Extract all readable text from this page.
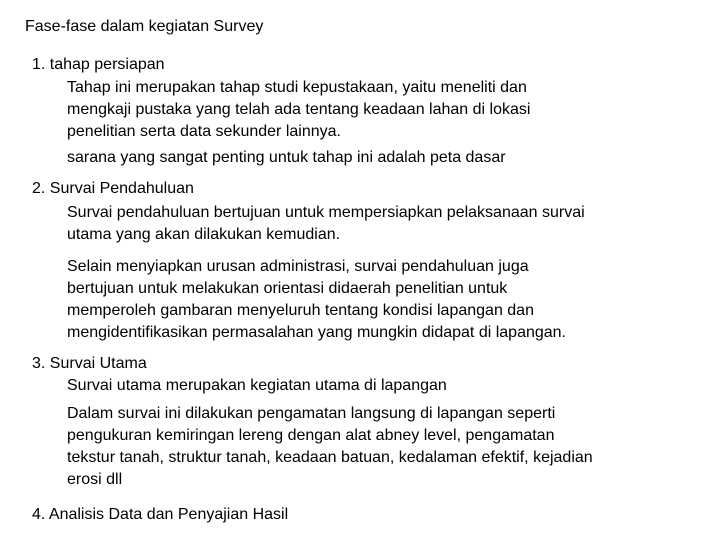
Fase-fase dalam kegiatan Survey
1. tahap persiapan
Tahap ini merupakan tahap studi kepustakaan, yaitu meneliti dan
mengkaji pustaka yang telah ada tentang keadaan lahan di lokasi
penelitian serta data sekunder lainnya.
sarana yang sangat penting untuk tahap ini adalah peta dasar
2. Survai Pendahuluan
Survai pendahuluan bertujuan untuk mempersiapkan pelaksanaan survai
utama yang akan dilakukan kemudian.
Selain menyiapkan urusan administrasi, survai pendahuluan juga
bertujuan untuk melakukan orientasi didaerah penelitian untuk
memperoleh gambaran menyeluruh tentang kondisi lapangan dan
mengidentifikasikan permasalahan yang mungkin didapat di lapangan.
3. Survai Utama
Survai utama merupakan kegiatan utama di lapangan
Dalam survai ini dilakukan pengamatan langsung di lapangan seperti
pengukuran kemiringan lereng dengan alat abney level, pengamatan
tekstur tanah, struktur tanah, keadaan batuan, kedalaman efektif, kejadian
erosi dll
4. Analisis Data dan Penyajian Hasil
